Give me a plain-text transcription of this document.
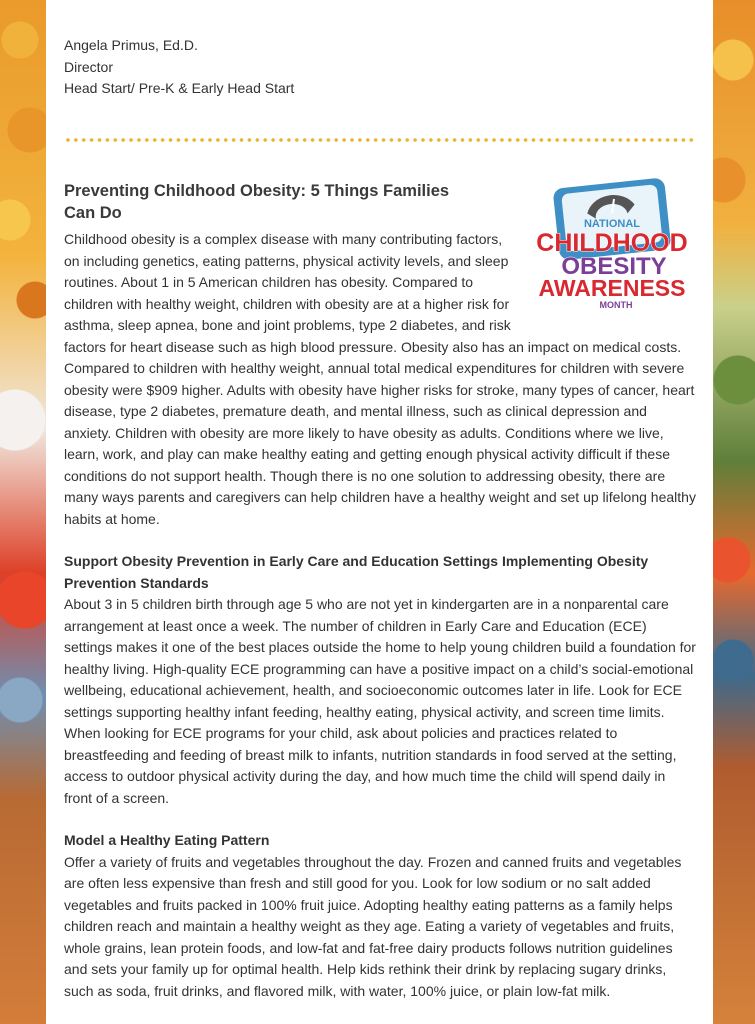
Angela Primus, Ed.D.
Director
Head Start/ Pre-K & Early Head Start
Preventing Childhood Obesity: 5 Things Families Can Do
NATIONAL
CHILDHOOD
OBESITY
AWARENESS
MONTH

Childhood obesity is a complex disease with many contributing factors, on including genetics, eating patterns, physical activity levels, and sleep routines. About 1 in 5 American children has obesity. Compared to children with healthy weight, children with obesity are at a higher risk for asthma, sleep apnea, bone and joint problems, type 2 diabetes, and risk factors for heart disease such as high blood pressure. Obesity also has an impact on medical costs. Compared to children with healthy weight, annual total medical expenditures for children with severe obesity were $909 higher. Adults with obesity have higher risks for stroke, many types of cancer, heart disease, type 2 diabetes, premature death, and mental illness, such as clinical depression and anxiety. Children with obesity are more likely to have obesity as adults. Conditions where we live, learn, work, and play can make healthy eating and getting enough physical activity difficult if these conditions do not support health. Though there is no one solution to addressing obesity, there are many ways parents and caregivers can help children have a healthy weight and set up lifelong healthy habits at home.

Support Obesity Prevention in Early Care and Education Settings Implementing Obesity Prevention Standards

About 3 in 5 children birth through age 5 who are not yet in kindergarten are in a nonparental care arrangement at least once a week. The number of children in Early Care and Education (ECE) settings makes it one of the best places outside the home to help young children build a foundation for healthy living. High-quality ECE programming can have a positive impact on a child’s social-emotional wellbeing, educational achievement, health, and socioeconomic outcomes later in life. Look for ECE settings supporting healthy infant feeding, healthy eating, physical activity, and screen time limits. When looking for ECE programs for your child, ask about policies and practices related to breastfeeding and feeding of breast milk to infants, nutrition standards in food served at the setting, access to outdoor physical activity during the day, and how much time the child will spend daily in front of a screen.

Model a Healthy Eating Pattern

Offer a variety of fruits and vegetables throughout the day. Frozen and canned fruits and vegetables are often less expensive than fresh and still good for you. Look for low sodium or no salt added vegetables and fruits packed in 100% fruit juice. Adopting healthy eating patterns as a family helps children reach and maintain a healthy weight as they age. Eating a variety of vegetables and fruits, whole grains, lean protein foods, and low-fat and fat-free dairy products follows nutrition guidelines and sets your family up for optimal health. Help kids rethink their drink by replacing sugary drinks, such as soda, fruit drinks, and flavored milk, with water, 100% juice, or plain low-fat milk.
